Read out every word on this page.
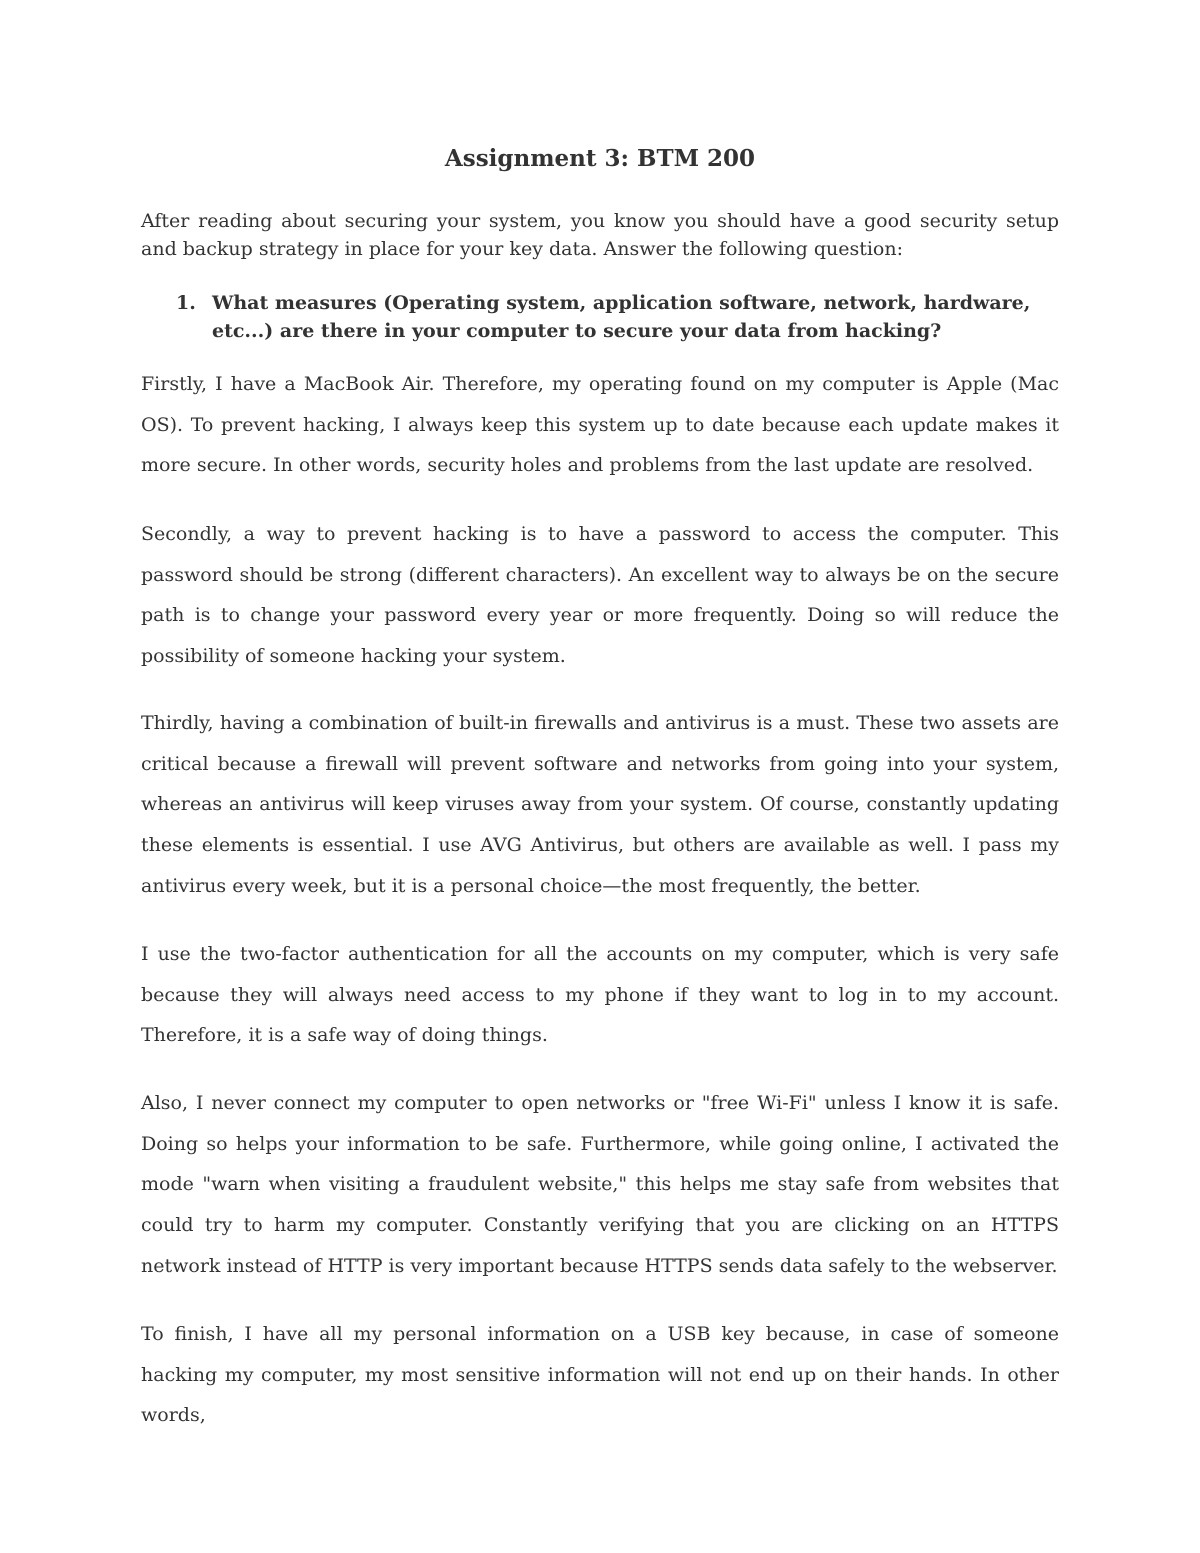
Assignment 3: BTM 200

After reading about securing your system, you know you should have a good security setup and backup strategy in place for your key data. Answer the following question:

1. What measures (Operating system, application software, network, hardware, etc...) are there in your computer to secure your data from hacking?

Firstly, I have a MacBook Air. Therefore, my operating found on my computer is Apple (Mac OS). To prevent hacking, I always keep this system up to date because each update makes it more secure. In other words, security holes and problems from the last update are resolved.

Secondly, a way to prevent hacking is to have a password to access the computer. This password should be strong (different characters). An excellent way to always be on the secure path is to change your password every year or more frequently. Doing so will reduce the possibility of someone hacking your system.

Thirdly, having a combination of built-in firewalls and antivirus is a must. These two assets are critical because a firewall will prevent software and networks from going into your system, whereas an antivirus will keep viruses away from your system. Of course, constantly updating these elements is essential. I use AVG Antivirus, but others are available as well. I pass my antivirus every week, but it is a personal choice—the most frequently, the better.

I use the two-factor authentication for all the accounts on my computer, which is very safe because they will always need access to my phone if they want to log in to my account. Therefore, it is a safe way of doing things.

Also, I never connect my computer to open networks or "free Wi-Fi" unless I know it is safe. Doing so helps your information to be safe. Furthermore, while going online, I activated the mode "warn when visiting a fraudulent website," this helps me stay safe from websites that could try to harm my computer. Constantly verifying that you are clicking on an HTTPS network instead of HTTP is very important because HTTPS sends data safely to the webserver.

To finish, I have all my personal information on a USB key because, in case of someone hacking my computer, my most sensitive information will not end up on their hands. In other words,
